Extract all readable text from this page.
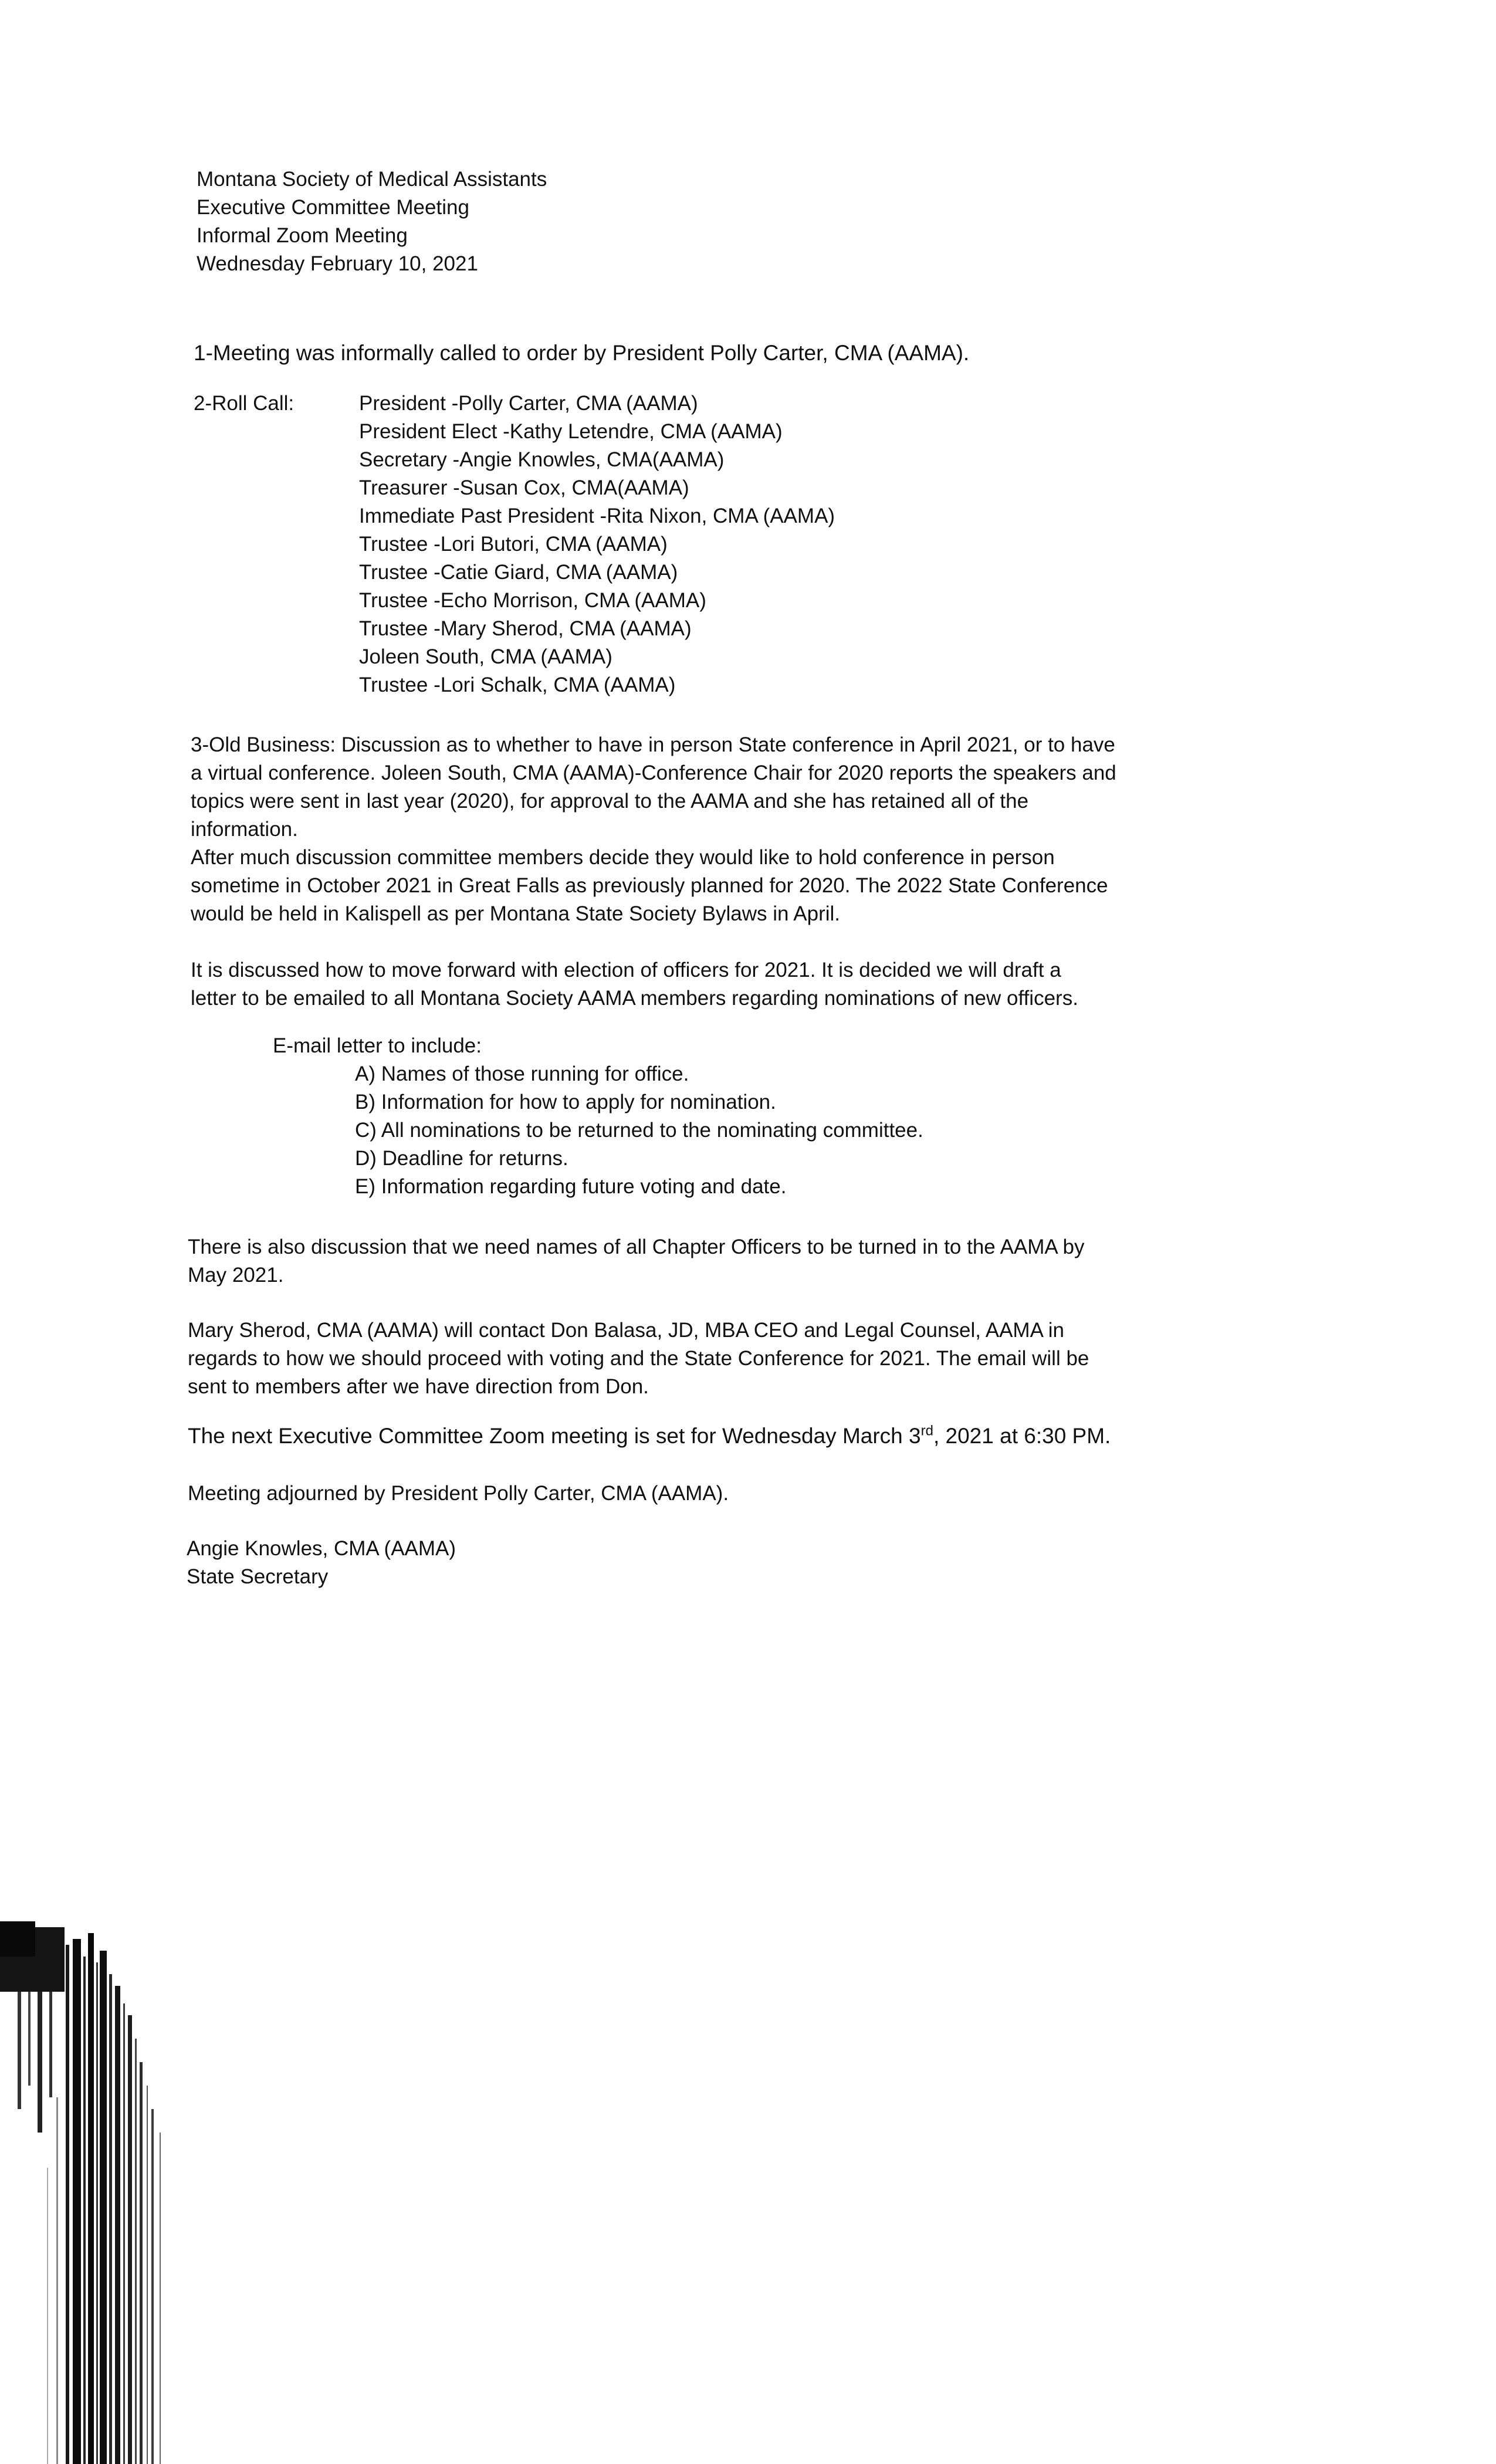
Montana Society of Medical Assistants
Executive Committee Meeting
Informal Zoom Meeting
Wednesday February 10, 2021
1-Meeting was informally called to order by President Polly Carter, CMA (AAMA).
2-Roll Call:	President -Polly Carter, CMA (AAMA)
President Elect -Kathy Letendre, CMA (AAMA)
Secretary -Angie Knowles, CMA(AAMA)
Treasurer -Susan Cox, CMA(AAMA)
Immediate Past President -Rita Nixon, CMA (AAMA)
Trustee -Lori Butori, CMA (AAMA)
Trustee -Catie Giard, CMA (AAMA)
Trustee -Echo Morrison, CMA (AAMA)
Trustee -Mary Sherod, CMA (AAMA)
Joleen South, CMA (AAMA)
Trustee -Lori Schalk, CMA (AAMA)
3-Old Business: Discussion as to whether to have in person State conference in April 2021, or to have
a virtual conference. Joleen South, CMA (AAMA)-Conference Chair for 2020 reports the speakers and
topics were sent in last year (2020), for approval to the AAMA and she has retained all of the
information.
After much discussion committee members decide they would like to hold conference in person
sometime in October 2021 in Great Falls as previously planned for 2020. The 2022 State Conference
would be held in Kalispell as per Montana State Society Bylaws in April.
It is discussed how to move forward with election of officers for 2021. It is decided we will draft a
letter to be emailed to all Montana Society AAMA members regarding nominations of new officers.
E-mail letter to include:
A) Names of those running for office.
B) Information for how to apply for nomination.
C) All nominations to be returned to the nominating committee.
D) Deadline for returns.
E) Information regarding future voting and date.
There is also discussion that we need names of all Chapter Officers to be turned in to the AAMA by
May 2021.
Mary Sherod, CMA (AAMA) will contact Don Balasa, JD, MBA CEO and Legal Counsel, AAMA in
regards to how we should proceed with voting and the State Conference for 2021. The email will be
sent to members after we have direction from Don.
The next Executive Committee Zoom meeting is set for Wednesday March 3rd, 2021 at 6:30 PM.
Meeting adjourned by President Polly Carter, CMA (AAMA).
Angie Knowles, CMA (AAMA)
State Secretary
